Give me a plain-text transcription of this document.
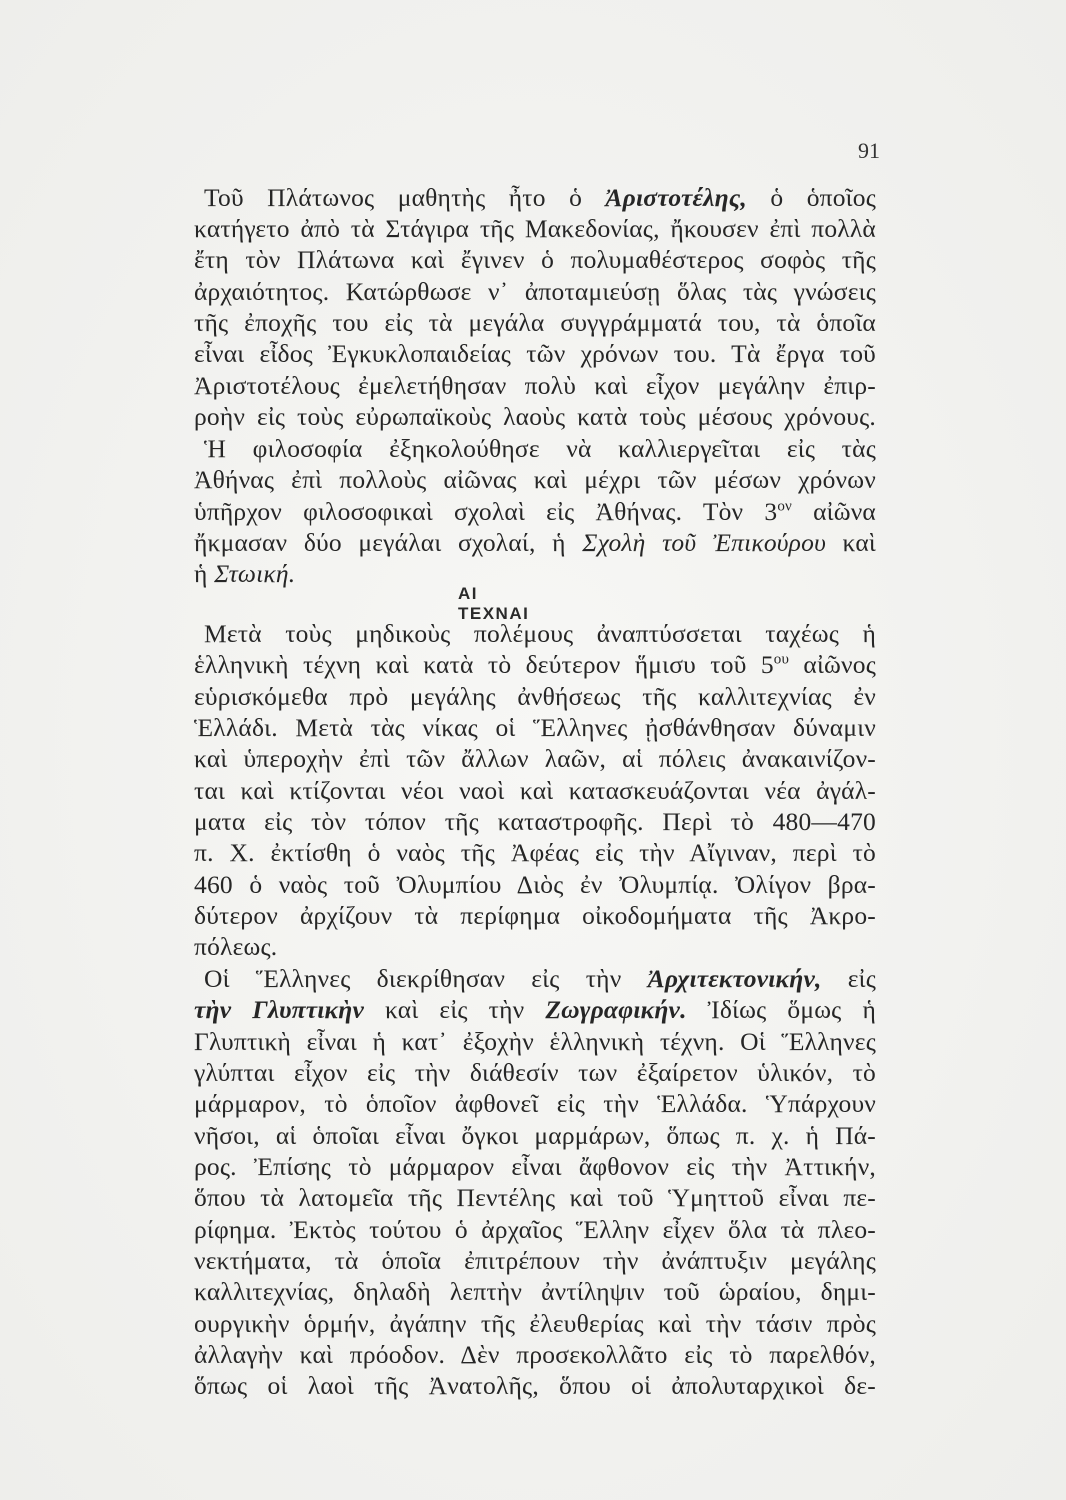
91
Τοῦ Πλάτωνος μαθητὴς ἦτο ὁ Ἀριστοτέλης, ὁ ὁποῖος
κατήγετο ἀπὸ τὰ Στάγιρα τῆς Μακεδονίας, ἤκουσεν ἐπὶ πολλὰ
ἔτη τὸν Πλάτωνα καὶ ἔγινεν ὁ πολυμαθέστερος σοφὸς τῆς
ἀρχαιότητος. Κατώρθωσε ν᾽ ἀποταμιεύσῃ ὅλας τὰς γνώσεις
τῆς ἐποχῆς του εἰς τὰ μεγάλα συγγράμματά του, τὰ ὁποῖα
εἶναι εἶδος Ἐγκυκλοπαιδείας τῶν χρόνων του. Τὰ ἔργα τοῦ
Ἀριστοτέλους ἐμελετήθησαν πολὺ καὶ εἶχον μεγάλην ἐπιρ-
ροὴν εἰς τοὺς εὐρωπαϊκοὺς λαοὺς κατὰ τοὺς μέσους χρόνους.
Ἡ φιλοσοφία ἐξηκολούθησε νὰ καλλιεργεῖται εἰς τὰς
Ἀθήνας ἐπὶ πολλοὺς αἰῶνας καὶ μέχρι τῶν μέσων χρόνων
ὑπῆρχον φιλοσοφικαὶ σχολαὶ εἰς Ἀθήνας. Τὸν $3^{o\nu}$ αἰῶνα
ἤκμασαν δύο μεγάλαι σχολαί, ἡ Σχολὴ τοῦ Ἐπικούρου καὶ
ἡ Στωική.
ΑΙ ΤΕΧΝΑΙ
Μετὰ τοὺς μηδικοὺς πολέμους ἀναπτύσσεται ταχέως ἡ
ἑλληνικὴ τέχνη καὶ κατὰ τὸ δεύτερον ἥμισυ τοῦ $5^{o\upsilon}$ αἰῶνος
εὑρισκόμεθα πρὸ μεγάλης ἀνθήσεως τῆς καλλιτεχνίας ἐν
Ἑλλάδι. Μετὰ τὰς νίκας οἱ Ἕλληνες ᾐσθάνθησαν δύναμιν
καὶ ὑπεροχὴν ἐπὶ τῶν ἄλλων λαῶν, αἱ πόλεις ἀνακαινίζον-
ται καὶ κτίζονται νέοι ναοὶ καὶ κατασκευάζονται νέα ἀγάλ-
ματα εἰς τὸν τόπον τῆς καταστροφῆς. Περὶ τὸ 480—470
π. Χ. ἐκτίσθη ὁ ναὸς τῆς Ἀφέας εἰς τὴν Αἴγιναν, περὶ τὸ
460 ὁ ναὸς τοῦ Ὀλυμπίου Διὸς ἐν Ὀλυμπίᾳ. Ὀλίγον βρα-
δύτερον ἀρχίζουν τὰ περίφημα οἰκοδομήματα τῆς Ἀκρο-
πόλεως.
Οἱ Ἕλληνες διεκρίθησαν εἰς τὴν Ἀρχιτεκτονικήν, εἰς
τὴν Γλυπτικὴν καὶ εἰς τὴν Ζωγραφικήν. Ἰδίως ὅμως ἡ
Γλυπτικὴ εἶναι ἡ κατ᾽ ἐξοχὴν ἑλληνικὴ τέχνη. Οἱ Ἕλληνες
γλύπται εἶχον εἰς τὴν διάθεσίν των ἐξαίρετον ὑλικόν, τὸ
μάρμαρον, τὸ ὁποῖον ἀφθονεῖ εἰς τὴν Ἑλλάδα. Ὑπάρχουν
νῆσοι, αἱ ὁποῖαι εἶναι ὄγκοι μαρμάρων, ὅπως π. χ. ἡ Πά-
ρος. Ἐπίσης τὸ μάρμαρον εἶναι ἄφθονον εἰς τὴν Ἀττικήν,
ὅπου τὰ λατομεῖα τῆς Πεντέλης καὶ τοῦ Ὑμηττοῦ εἶναι πε-
ρίφημα. Ἐκτὸς τούτου ὁ ἀρχαῖος Ἕλλην εἶχεν ὅλα τὰ πλεο-
νεκτήματα, τὰ ὁποῖα ἐπιτρέπουν τὴν ἀνάπτυξιν μεγάλης
καλλιτεχνίας, δηλαδὴ λεπτὴν ἀντίληψιν τοῦ ὡραίου, δημι-
ουργικὴν ὁρμήν, ἀγάπην τῆς ἐλευθερίας καὶ τὴν τάσιν πρὸς
ἀλλαγὴν καὶ πρόοδον. Δὲν προσεκολλᾶτο εἰς τὸ παρελθόν,
ὅπως οἱ λαοὶ τῆς Ἀνατολῆς, ὅπου οἱ ἀπολυταρχικοὶ δε-
